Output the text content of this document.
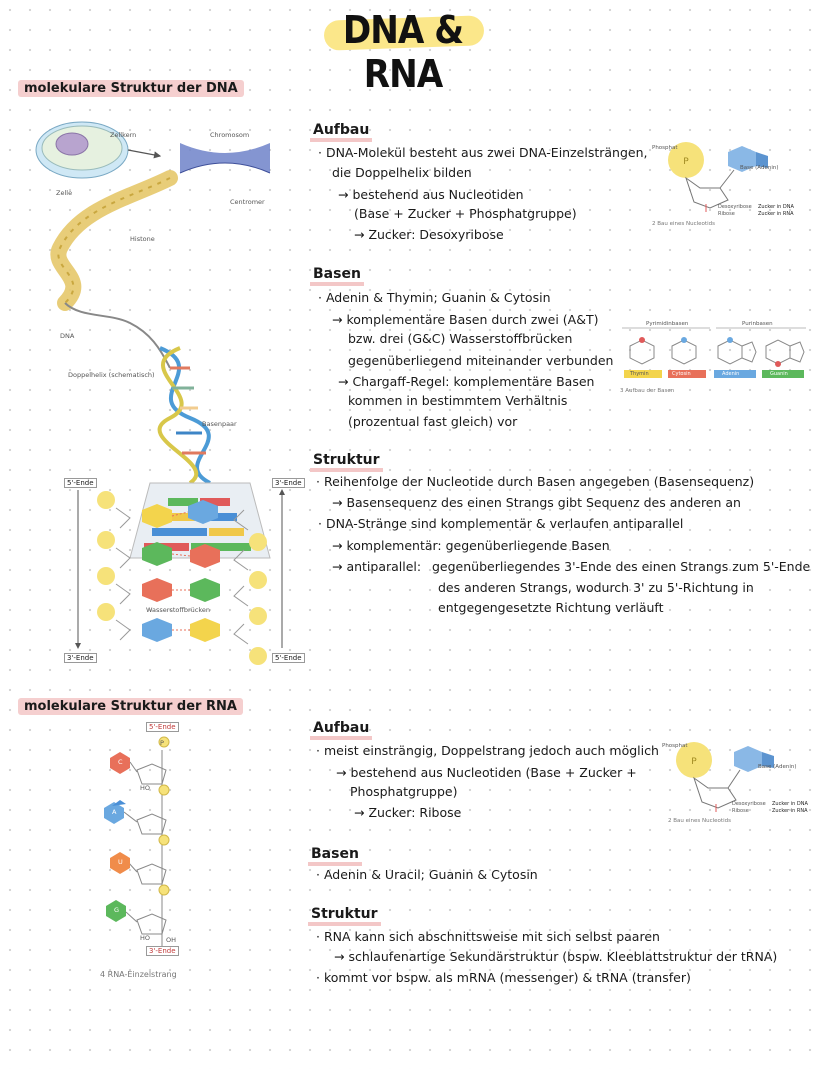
DNA & RNA
molekulare Struktur der DNA
Zellkern
Zelle
Chromosom
Centromer
Histone
DNA
Doppelhelix (schematisch)
Basenpaar
5'-Ende	3'-Ende
3'-Ende	5'-Ende
Wasserstoffbrücken
Aufbau
· DNA-Molekül besteht aus zwei DNA-Einzelsträngen,
die Doppelhelix bilden
→ bestehend aus Nucleotiden
(Base + Zucker + Phosphatgruppe)
→ Zucker: Desoxyribose
P
Phosphat
Base (Adenin)
Desoxyribose
Ribose
Zucker in DNA
Zucker in RNA
2 Bau eines Nucleotids
Basen
· Adenin & Thymin; Guanin & Cytosin
→ komplementäre Basen durch zwei (A&T)
bzw. drei (G&C) Wasserstoffbrücken
gegenüberliegend miteinander verbunden
→ Chargaff-Regel: komplementäre Basen
kommen in bestimmtem Verhältnis
(prozentual fast gleich) vor
Pyrimidinbasen	Purinbasen
Thymin	Cytosin	Adenin	Guanin
3 Aufbau der Basen
Struktur
· Reihenfolge der Nucleotide durch Basen angegeben (Basensequenz)
→ Basensequenz des einen Strangs gibt Sequenz des anderen an
· DNA-Stränge sind komplementär & verlaufen antiparallel
→ komplementär: gegenüberliegende Basen
→ antiparallel: gegenüberliegendes 3'-Ende des einen Strangs zum 5'-Ende
des anderen Strangs, wodurch 3' zu 5'-Richtung in
entgegengesetzte Richtung verläuft
molekulare Struktur der RNA
5'-Ende
3'-Ende
P
C
A
U
G
HO
HO OH
4 RNA-Einzelstrang
Aufbau
· meist einsträngig, Doppelstrang jedoch auch möglich
→ bestehend aus Nucleotiden (Base + Zucker +
Phosphatgruppe)
→ Zucker: Ribose
P
Phosphat
Base (Adenin)
Desoxyribose
Ribose
Zucker in DNA
Zucker in RNA
2 Bau eines Nucleotids
Basen
· Adenin & Uracil; Guanin & Cytosin
Struktur
· RNA kann sich abschnittsweise mit sich selbst paaren
→ schlaufenartige Sekundärstruktur (bspw. Kleeblattstruktur der tRNA)
· kommt vor bspw. als mRNA (messenger) & tRNA (transfer)
